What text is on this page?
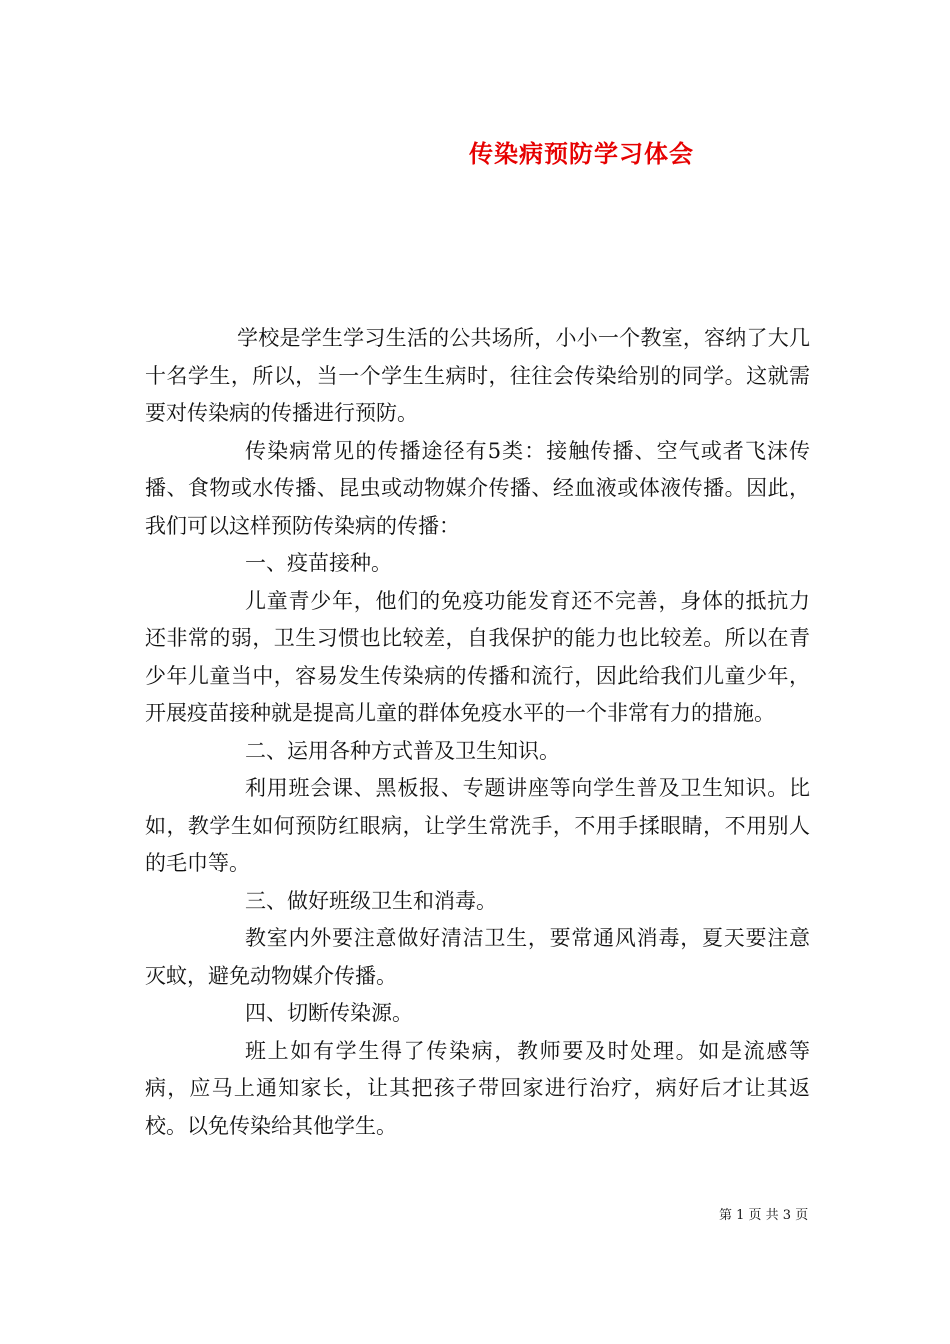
传染病预防学习体会

学校是学生学习生活的公共场所，小小一个教室，容纳了大几十名学生，所以，当一个学生生病时，往往会传染给别的同学。这就需要对传染病的传播进行预防。

传染病常见的传播途径有5类：接触传播、空气或者飞沫传播、食物或水传播、昆虫或动物媒介传播、经血液或体液传播。因此，我们可以这样预防传染病的传播：

一、疫苗接种。

儿童青少年，他们的免疫功能发育还不完善，身体的抵抗力还非常的弱，卫生习惯也比较差，自我保护的能力也比较差。所以在青少年儿童当中，容易发生传染病的传播和流行，因此给我们儿童少年，开展疫苗接种就是提高儿童的群体免疫水平的一个非常有力的措施。

二、运用各种方式普及卫生知识。

利用班会课、黑板报、专题讲座等向学生普及卫生知识。比如，教学生如何预防红眼病，让学生常洗手，不用手揉眼睛，不用别人的毛巾等。

三、做好班级卫生和消毒。

教室内外要注意做好清洁卫生，要常通风消毒，夏天要注意灭蚊，避免动物媒介传播。

四、切断传染源。

班上如有学生得了传染病，教师要及时处理。如是流感等病，应马上通知家长，让其把孩子带回家进行治疗，病好后才让其返校。以免传染给其他学生。

第 1 页 共 3 页
